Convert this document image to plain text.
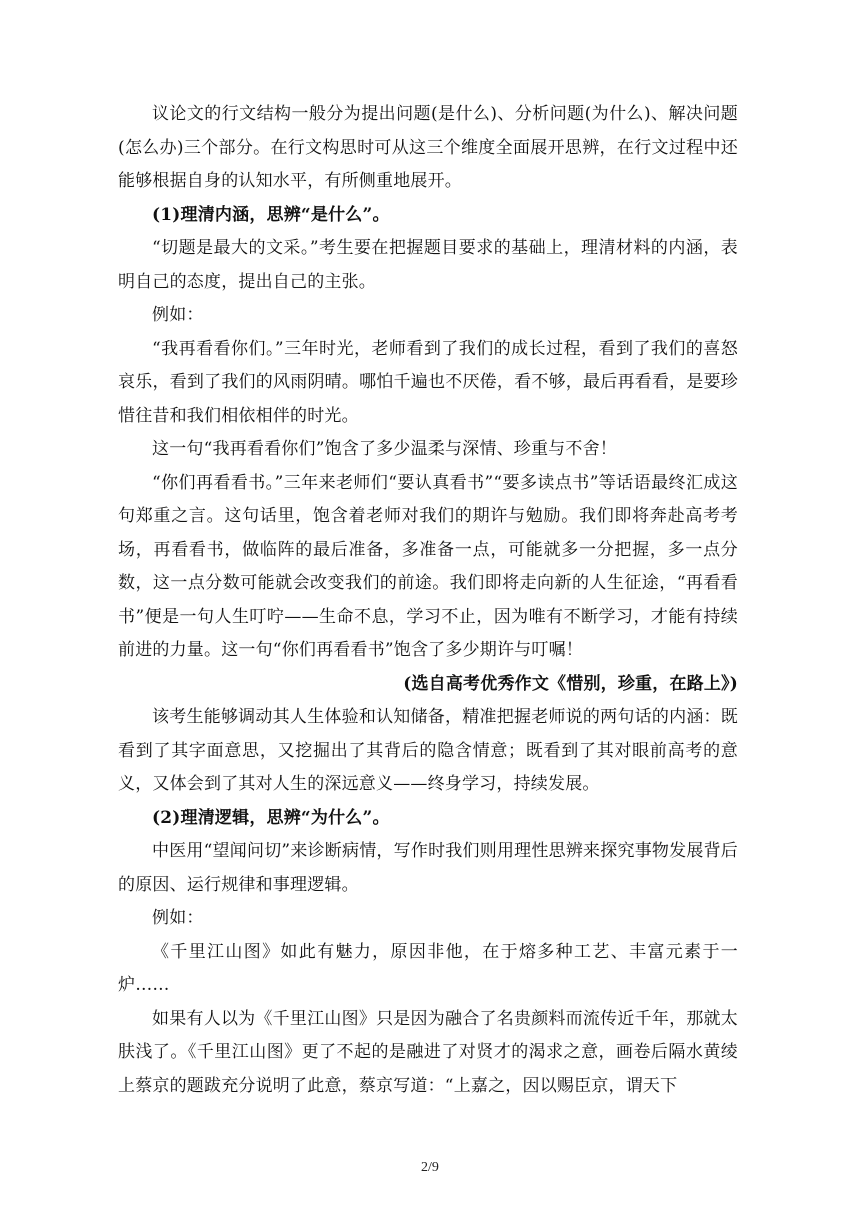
议论文的行文结构一般分为提出问题(是什么)、分析问题(为什么)、解决问题(怎么办)三个部分。在行文构思时可从这三个维度全面展开思辨，在行文过程中还能够根据自身的认知水平，有所侧重地展开。

(1)理清内涵，思辨“是什么”。

“切题是最大的文采。”考生要在把握题目要求的基础上，理清材料的内涵，表明自己的态度，提出自己的主张。

例如：

“我再看看你们。”三年时光，老师看到了我们的成长过程，看到了我们的喜怒哀乐，看到了我们的风雨阴晴。哪怕千遍也不厌倦，看不够，最后再看看，是要珍惜往昔和我们相依相伴的时光。

这一句“我再看看你们”饱含了多少温柔与深情、珍重与不舍！

“你们再看看书。”三年来老师们“要认真看书”“要多读点书”等话语最终汇成这句郑重之言。这句话里，饱含着老师对我们的期许与勉励。我们即将奔赴高考考场，再看看书，做临阵的最后准备，多准备一点，可能就多一分把握，多一点分数，这一点分数可能就会改变我们的前途。我们即将走向新的人生征途，“再看看书”便是一句人生叮咛——生命不息，学习不止，因为唯有不断学习，才能有持续前进的力量。这一句“你们再看看书”饱含了多少期许与叮嘱！

(选自高考优秀作文《惜别，珍重，在路上》)

该考生能够调动其人生体验和认知储备，精准把握老师说的两句话的内涵：既看到了其字面意思，又挖掘出了其背后的隐含情意；既看到了其对眼前高考的意义，又体会到了其对人生的深远意义——终身学习，持续发展。

(2)理清逻辑，思辨“为什么”。

中医用“望闻问切”来诊断病情，写作时我们则用理性思辨来探究事物发展背后的原因、运行规律和事理逻辑。

例如：

《千里江山图》如此有魅力，原因非他，在于熔多种工艺、丰富元素于一炉……

如果有人以为《千里江山图》只是因为融合了名贵颜料而流传近千年，那就太肤浅了。《千里江山图》更了不起的是融进了对贤才的渴求之意，画卷后隔水黄绫上蔡京的题跋充分说明了此意，蔡京写道：“上嘉之，因以赐臣京，谓天下

2/9
